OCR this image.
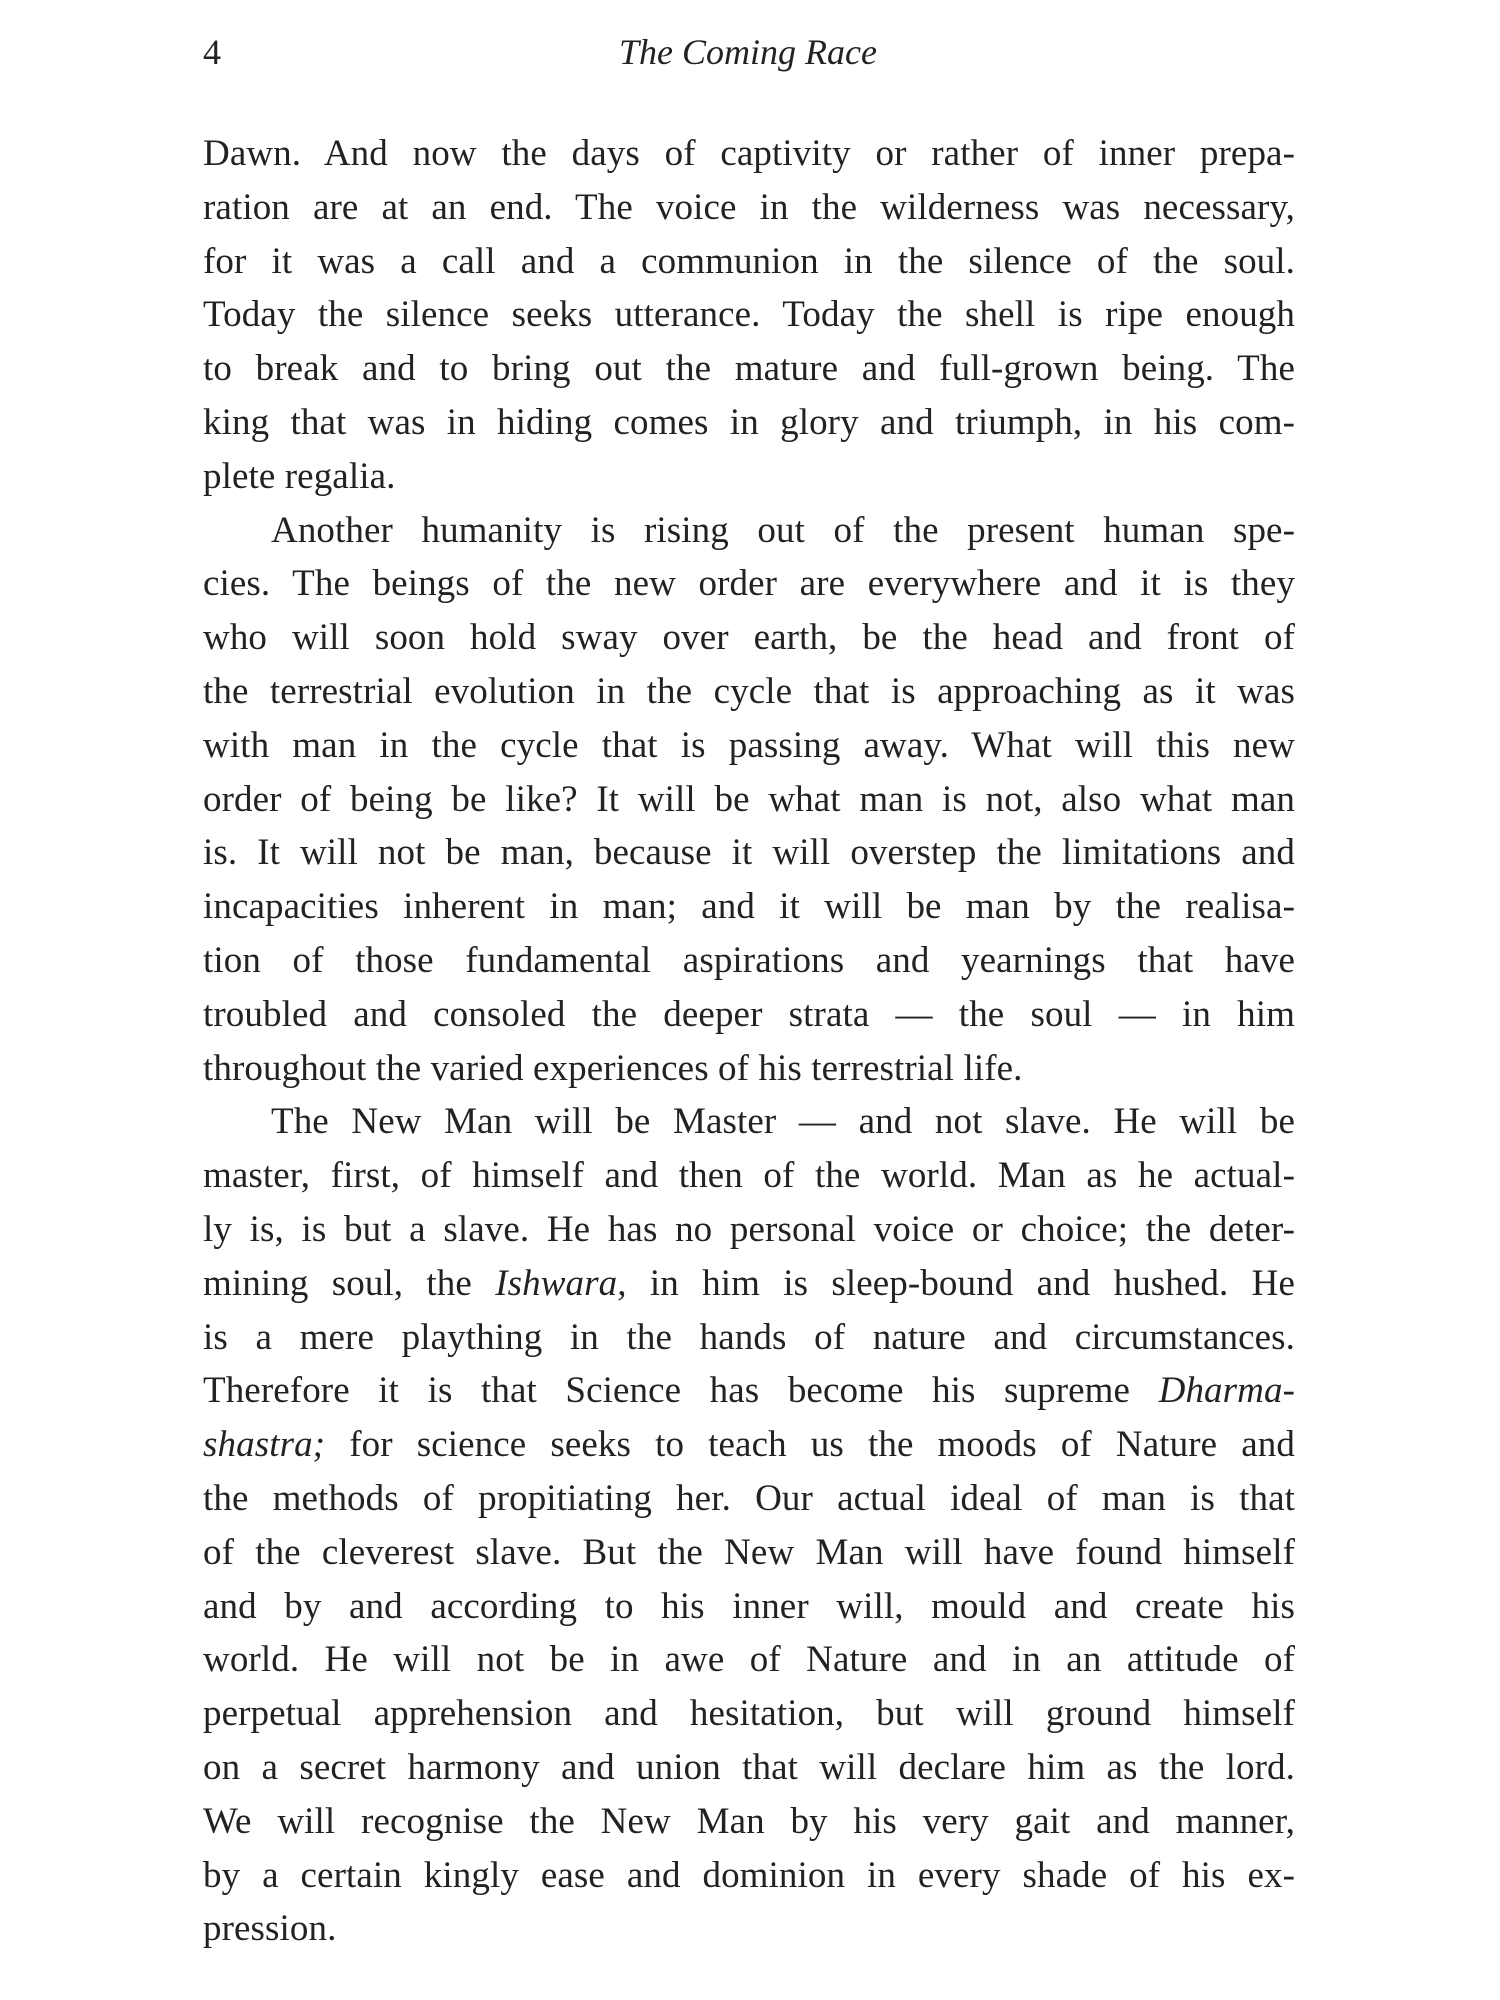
4	The Coming Race
Dawn. And now the days of captivity or rather of inner prepa-
ration are at an end. The voice in the wilderness was necessary,
for it was a call and a communion in the silence of the soul.
Today the silence seeks utterance. Today the shell is ripe enough
to break and to bring out the mature and full-grown being. The
king that was in hiding comes in glory and triumph, in his com-
plete regalia.
Another humanity is rising out of the present human spe-
cies. The beings of the new order are everywhere and it is they
who will soon hold sway over earth, be the head and front of
the terrestrial evolution in the cycle that is approaching as it was
with man in the cycle that is passing away. What will this new
order of being be like? It will be what man is not, also what man
is. It will not be man, because it will overstep the limitations and
incapacities inherent in man; and it will be man by the realisa-
tion of those fundamental aspirations and yearnings that have
troubled and consoled the deeper strata — the soul — in him
throughout the varied experiences of his terrestrial life.
The New Man will be Master — and not slave. He will be
master, first, of himself and then of the world. Man as he actual-
ly is, is but a slave. He has no personal voice or choice; the deter-
mining soul, the Ishwara, in him is sleep-bound and hushed. He
is a mere plaything in the hands of nature and circumstances.
Therefore it is that Science has become his supreme Dharma-
shastra; for science seeks to teach us the moods of Nature and
the methods of propitiating her. Our actual ideal of man is that
of the cleverest slave. But the New Man will have found himself
and by and according to his inner will, mould and create his
world. He will not be in awe of Nature and in an attitude of
perpetual apprehension and hesitation, but will ground himself
on a secret harmony and union that will declare him as the lord.
We will recognise the New Man by his very gait and manner,
by a certain kingly ease and dominion in every shade of his ex-
pression.
